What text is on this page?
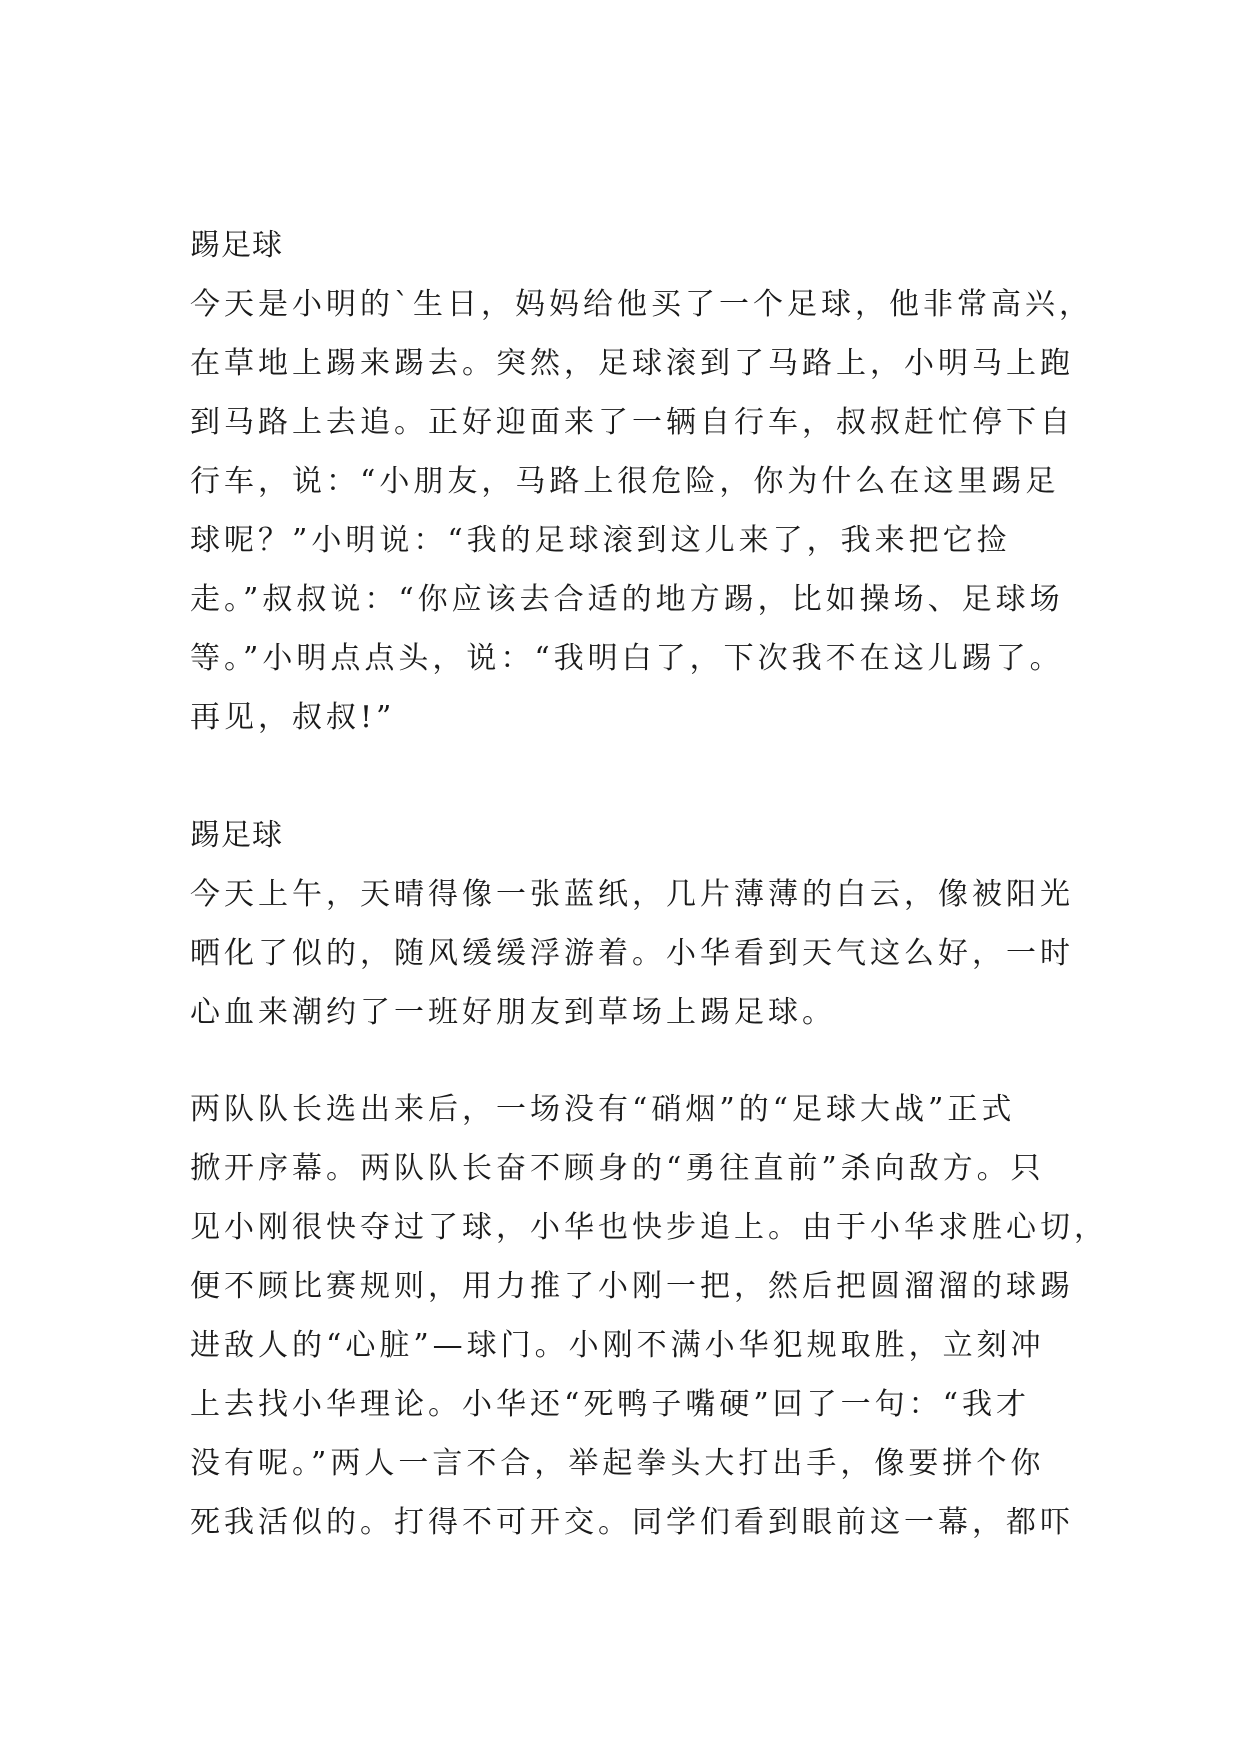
踢足球
今天是小明的`生日，妈妈给他买了一个足球，他非常高兴，
在草地上踢来踢去。突然，足球滚到了马路上，小明马上跑
到马路上去追。正好迎面来了一辆自行车，叔叔赶忙停下自
行车，说：“小朋友，马路上很危险，你为什么在这里踢足
球呢？”小明说：“我的足球滚到这儿来了，我来把它捡
走。”叔叔说：“你应该去合适的地方踢，比如操场、足球场
等。”小明点点头，说：“我明白了，下次我不在这儿踢了。
再见，叔叔!”
踢足球
今天上午，天晴得像一张蓝纸，几片薄薄的白云，像被阳光
晒化了似的，随风缓缓浮游着。小华看到天气这么好，一时
心血来潮约了一班好朋友到草场上踢足球。
两队队长选出来后，一场没有“硝烟”的“足球大战”正式
掀开序幕。两队队长奋不顾身的“勇往直前”杀向敌方。只
见小刚很快夺过了球，小华也快步追上。由于小华求胜心切，
便不顾比赛规则，用力推了小刚一把，然后把圆溜溜的球踢
进敌人的“心脏”—球门。小刚不满小华犯规取胜，立刻冲
上去找小华理论。小华还“死鸭子嘴硬”回了一句：“我才
没有呢。”两人一言不合，举起拳头大打出手，像要拼个你
死我活似的。打得不可开交。同学们看到眼前这一幕，都吓
